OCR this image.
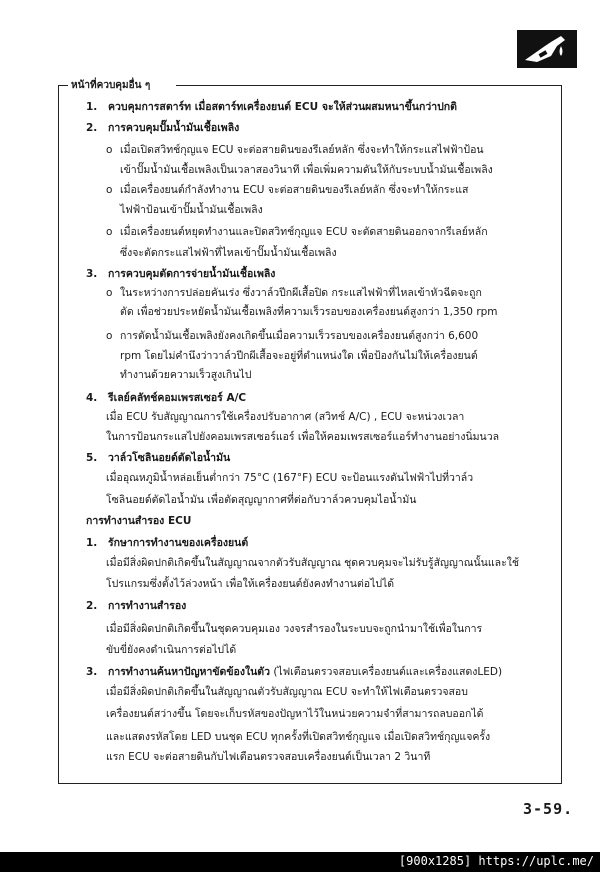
หน้าที่ควบคุมอื่น ๆ
1. ควบคุมการสตาร์ท เมื่อสตาร์ทเครื่องยนต์ ECU จะให้ส่วนผสมหนาขึ้นกว่าปกติ
2. การควบคุมปั๊มน้ำมันเชื้อเพลิง
o เมื่อเปิดสวิทช์กุญแจ ECU จะต่อสายดินของรีเลย์หลัก ซึ่งจะทำให้กระแสไฟฟ้าป้อน
เข้าปั๊มน้ำมันเชื้อเพลิงเป็นเวลาสองวินาที เพื่อเพิ่มความดันให้กับระบบน้ำมันเชื้อเพลิง
o เมื่อเครื่องยนต์กำลังทำงาน ECU จะต่อสายดินของรีเลย์หลัก ซึ่งจะทำให้กระแส
ไฟฟ้าป้อนเข้าปั๊มน้ำมันเชื้อเพลิง
o เมื่อเครื่องยนต์หยุดทำงานและปิดสวิทช์กุญแจ ECU จะตัดสายดินออกจากรีเลย์หลัก
ซึ่งจะตัดกระแสไฟฟ้าที่ไหลเข้าปั๊มน้ำมันเชื้อเพลิง
3. การควบคุมตัดการจ่ายน้ำมันเชื้อเพลิง
o ในระหว่างการปล่อยคันเร่ง ซึ่งวาล์วปีกผีเสื้อปิด กระแสไฟฟ้าที่ไหลเข้าหัวฉีดจะถูก
ตัด เพื่อช่วยประหยัดน้ำมันเชื้อเพลิงที่ความเร็วรอบของเครื่องยนต์สูงกว่า 1,350 rpm
o การตัดน้ำมันเชื้อเพลิงยังคงเกิดขึ้นเมื่อความเร็วรอบของเครื่องยนต์สูงกว่า 6,600
rpm โดยไม่คำนึงว่าวาล์วปีกผีเสื้อจะอยู่ที่ตำแหน่งใด เพื่อป้องกันไม่ให้เครื่องยนต์
ทำงานด้วยความเร็วสูงเกินไป
4. รีเลย์คลัทช์คอมเพรสเซอร์ A/C
เมื่อ ECU รับสัญญาณการใช้เครื่องปรับอากาศ (สวิทช์ A/C) , ECU จะหน่วงเวลา
ในการป้อนกระแสไปยังคอมเพรสเซอร์แอร์ เพื่อให้คอมเพรสเซอร์แอร์ทำงานอย่างนิ่มนวล
5. วาล์วโซลินอยด์ตัดไอน้ำมัน
เมื่ออุณหภูมิน้ำหล่อเย็นต่ำกว่า 75°C (167°F) ECU จะป้อนแรงดันไฟฟ้าไปที่วาล์ว
โซลินอยด์ตัดไอน้ำมัน เพื่อตัดสุญญากาศที่ต่อกับวาล์วควบคุมไอน้ำมัน
การทำงานสำรอง ECU
1. รักษาการทำงานของเครื่องยนต์
เมื่อมีสิ่งผิดปกติเกิดขึ้นในสัญญาณจากตัวรับสัญญาณ ชุดควบคุมจะไม่รับรู้สัญญาณนั้นและใช้
โปรแกรมซึ่งตั้งไว้ล่วงหน้า เพื่อให้เครื่องยนต์ยังคงทำงานต่อไปได้
2. การทำงานสำรอง
เมื่อมีสิ่งผิดปกติเกิดขึ้นในชุดควบคุมเอง วงจรสำรองในระบบจะถูกนำมาใช้เพื่อในการ
ขับขี่ยังคงดำเนินการต่อไปได้
3. การทำงานค้นหาปัญหาขัดข้องในตัว (ไฟเตือนตรวจสอบเครื่องยนต์และเครื่องแสดงLED)
เมื่อมีสิ่งผิดปกติเกิดขึ้นในสัญญาณตัวรับสัญญาณ ECU จะทำให้ไฟเตือนตรวจสอบ
เครื่องยนต์สว่างขึ้น โดยจะเก็บรหัสของปัญหาไว้ในหน่วยความจำที่สามารถลบออกได้
และแสดงรหัสโดย LED บนชุด ECU ทุกครั้งที่เปิดสวิทช์กุญแจ เมื่อเปิดสวิทช์กุญแจครั้ง
แรก ECU จะต่อสายดินกับไฟเตือนตรวจสอบเครื่องยนต์เป็นเวลา 2 วินาที
3-59.
[900x1285] https://uplc.me/
